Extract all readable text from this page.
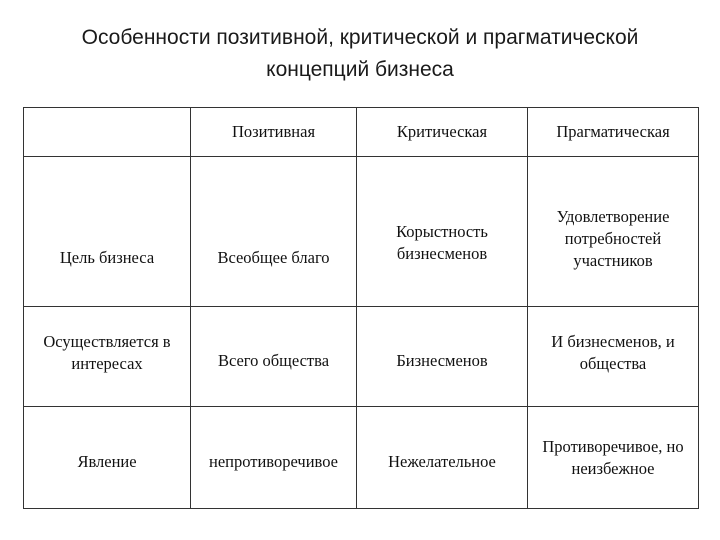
Особенности позитивной, критической и прагматической
концепций бизнеса
	Позитивная	Критическая	Прагматическая

Цель бизнеса	Всеобщее благо	Корыстность бизнесменов	Удовлетворение потребностей участников

Осуществляется в интересах	Всего общества	Бизнесменов	И бизнесменов, и общества

Явление	непротиворечивое	Нежелательное	Противоречивое, но неизбежное
